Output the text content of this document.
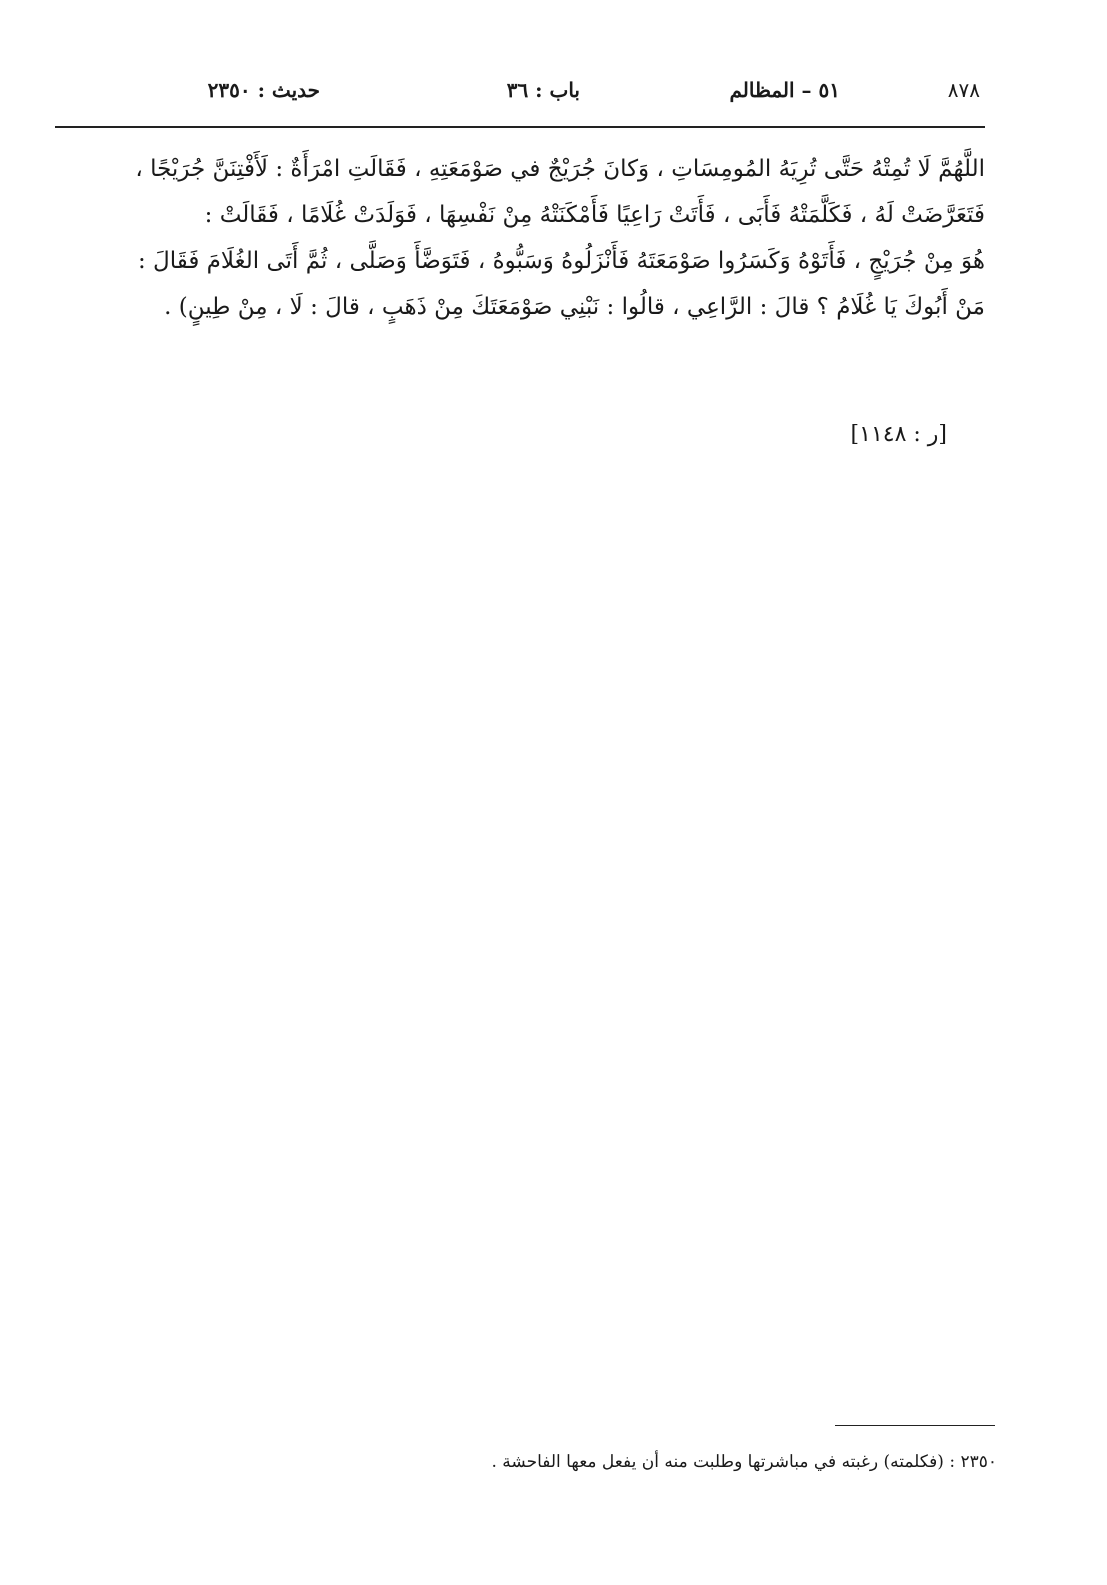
٨٧٨
٥١ – المظالم
باب : ٣٦
حديث : ٢٣٥٠

اللَّهُمَّ لَا تُمِتْهُ حَتَّى تُرِيَهُ المُومِسَاتِ ، وَكانَ جُرَيْجٌ في صَوْمَعَتِهِ ، فَقَالَتِ امْرَأَةٌ : لَأَفْتِنَنَّ جُرَيْجًا ،

فَتَعَرَّضَتْ لَهُ ، فَكَلَّمَتْهُ فَأَبَى ، فَأَتَتْ رَاعِيًا فَأَمْكَنَتْهُ مِنْ نَفْسِهَا ، فَوَلَدَتْ غُلَامًا ، فَقَالَتْ :

هُوَ مِنْ جُرَيْجٍ ، فَأَتَوْهُ وَكَسَرُوا صَوْمَعَتَهُ فَأَنْزَلُوهُ وَسَبُّوهُ ، فَتَوَضَّأَ وَصَلَّى ، ثُمَّ أَتَى الغُلَامَ فَقَالَ :

مَنْ أَبُوكَ يَا غُلَامُ ؟ قالَ : الرَّاعِي ، قالُوا : نَبْنِي صَوْمَعَتَكَ مِنْ ذَهَبٍ ، قالَ : لَا ، مِنْ طِينٍ) .

[ر : ١١٤٨]
٢٣٥٠ : (فكلمته) رغبته في مباشرتها وطلبت منه أن يفعل معها الفاحشة .
